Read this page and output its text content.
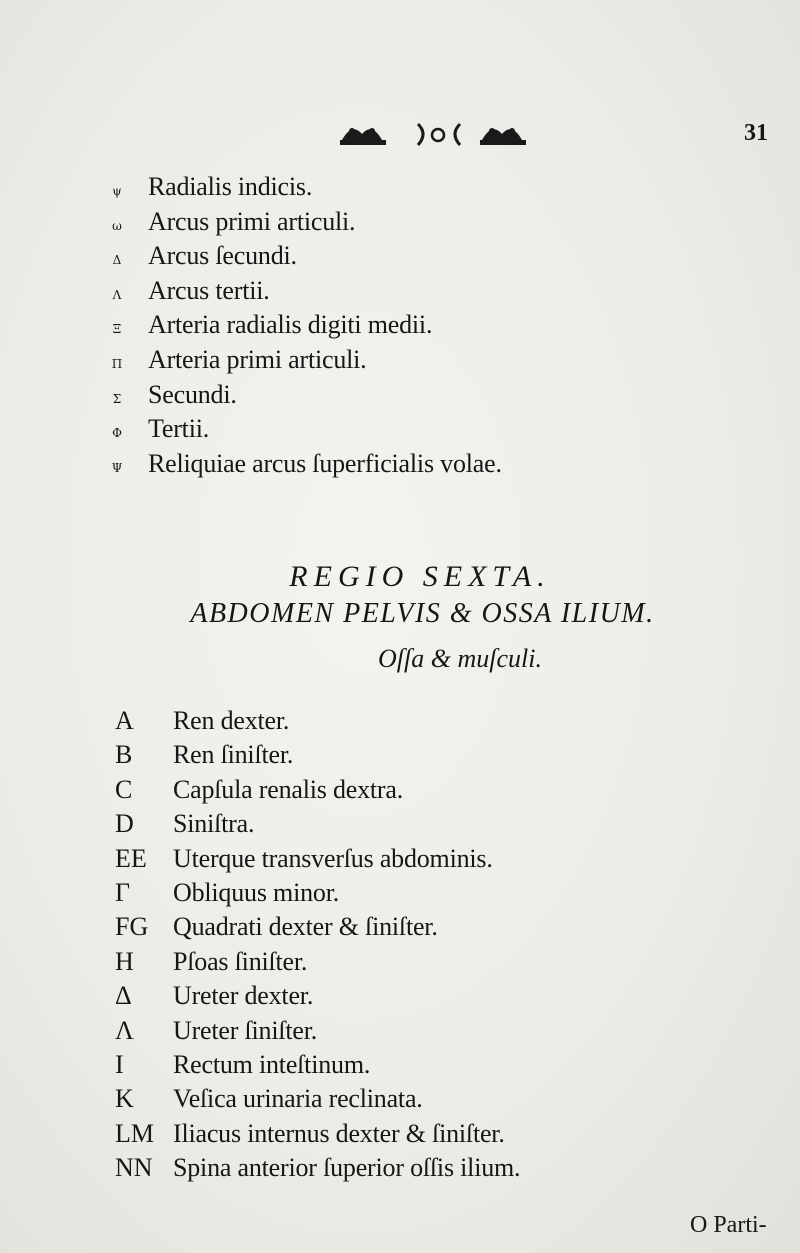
31
ψ	Radialis indicis.
ω	Arcus primi articuli.
Δ	Arcus ſecundi.
Λ	Arcus tertii.
Ξ	Arteria radialis digiti medii.
Π Arteria primi articuli.
Σ	Secundi.
Φ	Tertii.
Ψ Reliquiae arcus ſuperficialis volae.
REGIO SEXTA.
ABDOMEN PELVIS & OSSA ILIUM.
Oſſa & muſculi.
A Ren dexter.
B Ren ſiniſter.
C Capſula renalis dextra.
D Siniſtra.
EE Uterque transverſus abdominis.
Γ Obliquus minor.
FG Quadrati dexter & ſiniſter.
H Pſoas ſiniſter.
Δ Ureter dexter.
Λ Ureter ſiniſter.
I Rectum inteſtinum.
K Veſica urinaria reclinata.
LM Iliacus internus dexter & ſiniſter.
NN Spina anterior ſuperior oſſis ilium.
O Parti-
